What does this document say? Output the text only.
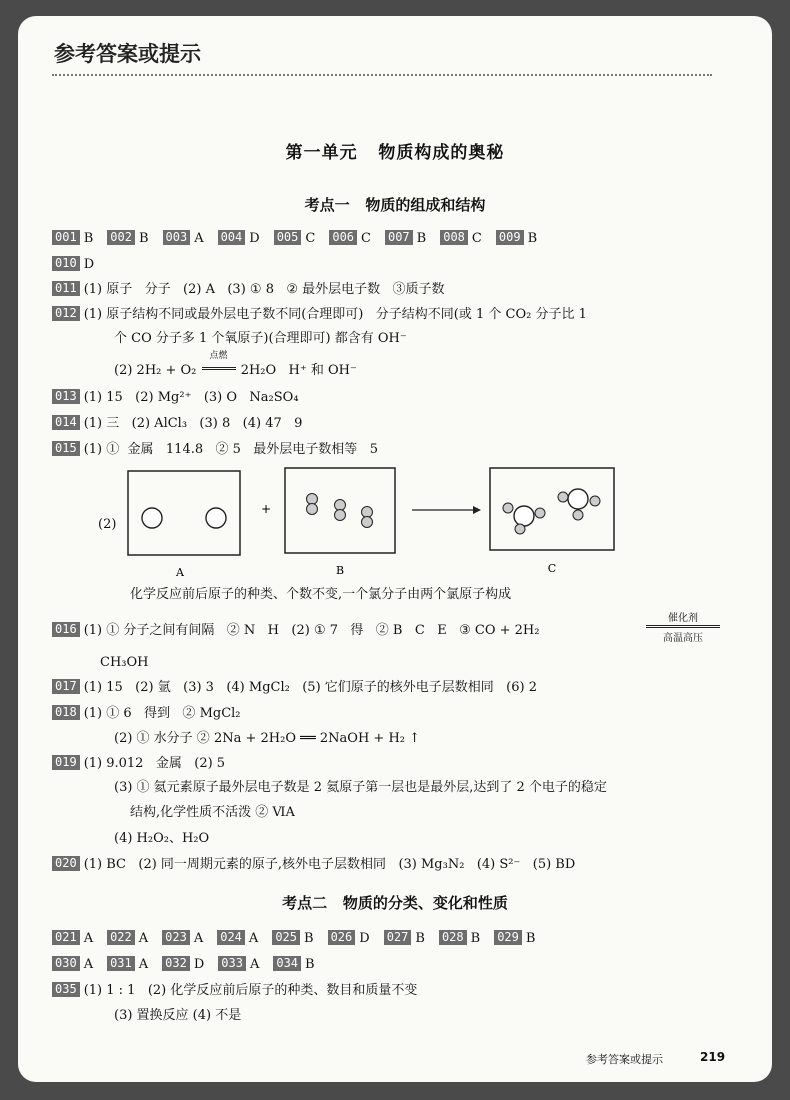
参考答案或提示
第一单元   物质构成的奥秘
考点一   物质的组成和结构
001 B 002 B 003 A 004 D 005 C 006 C 007 B 008 C 009 B
010 D
011 (1) 原子   分子   (2) A   (3) ① 8   ② 最外层电子数   ③质子数
012 (1) 原子结构不同或最外层电子数不同(合理即可)   分子结构不同(或 1 个 CO₂ 分子比 1
个 CO 分子多 1 个氧原子)(合理即可) 都含有 OH⁻
(2) 2H₂ + O₂
点燃
2H₂O   H⁺ 和 OH⁻
013 (1) 15   (2) Mg²⁺   (3) O   Na₂SO₄
014 (1) 三   (2) AlCl₃   (3) 8   (4) 47   9
015 (1) ①  金属   114.8   ② 5   最外层电子数相等   5
(2)
+
A	B	C
化学反应前后原子的种类、个数不变,一个氯分子由两个氯原子构成
016 (1) ① 分子之间有间隔   ② N   H   (2) ① 7   得   ② B   C   E   ③ CO + 2H₂
催化剂
高温高压
CH₃OH
017 (1) 15   (2) 氩   (3) 3   (4) MgCl₂   (5) 它们原子的核外电子层数相同   (6) 2
018 (1) ① 6   得到   ② MgCl₂
(2) ① 水分子 ② 2Na + 2H₂O ══ 2NaOH + H₂ ↑
019 (1) 9.012   金属   (2) 5
(3) ① 氦元素原子最外层电子数是 2 氦原子第一层也是最外层,达到了 2 个电子的稳定
结构,化学性质不活泼 ② ⅥA
(4) H₂O₂、H₂O
020 (1) BC   (2) 同一周期元素的原子,核外电子层数相同   (3) Mg₃N₂   (4) S²⁻   (5) BD
考点二   物质的分类、变化和性质
021 A 022 A 023 A 024 A 025 B 026 D 027 B 028 B 029 B
030 A 031 A 032 D 033 A 034 B
035 (1) 1 : 1   (2) 化学反应前后原子的种类、数目和质量不变
(3) 置换反应 (4) 不是
参考答案或提示	219
